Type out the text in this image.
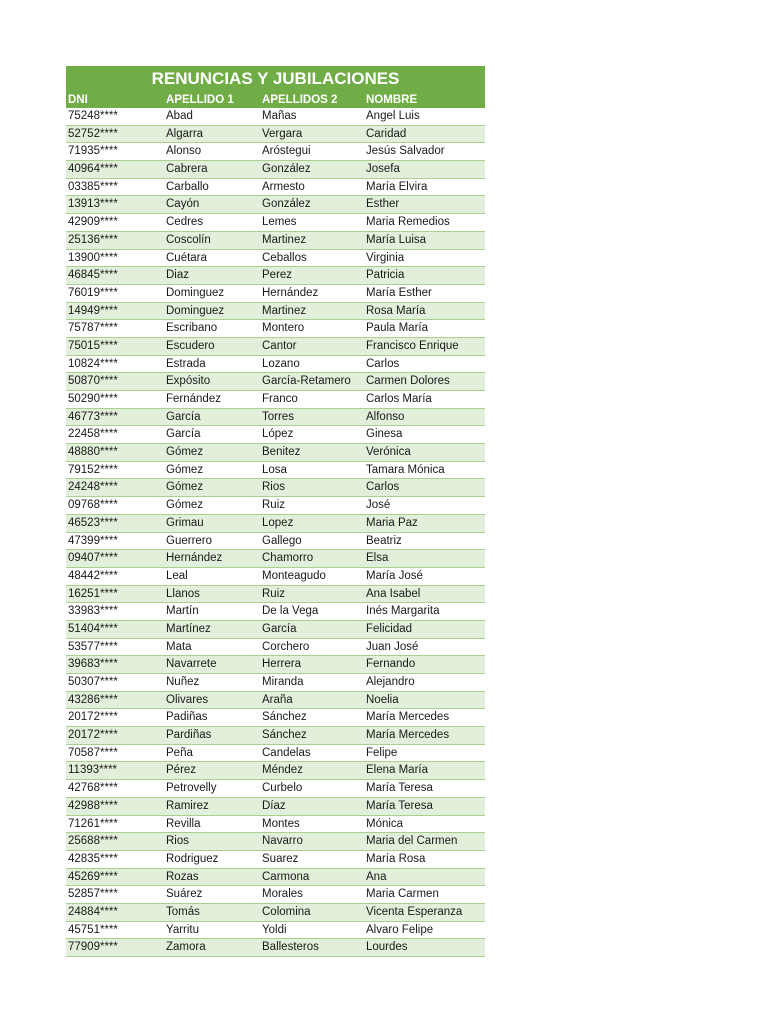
RENUNCIAS Y JUBILACIONES
DNI	APELLIDO 1	APELLIDOS 2	NOMBRE
75248****	Abad	Mañas	Angel Luis
52752****	Algarra	Vergara	Caridad
71935****	Alonso	Aróstegui	Jesús Salvador
40964****	Cabrera	González	Josefa
03385****	Carballo	Armesto	María Elvira
13913****	Cayón	González	Esther
42909****	Cedres	Lemes	Maria Remedios
25136****	Coscolín	Martinez	María Luisa
13900****	Cuétara	Ceballos	Virginia
46845****	Diaz	Perez	Patricia
76019****	Dominguez	Hernández	María Esther
14949****	Dominguez	Martinez	Rosa María
75787****	Escribano	Montero	Paula María
75015****	Escudero	Cantor	Francisco Enrique
10824****	Estrada	Lozano	Carlos
50870****	Expósito	García-Retamero	Carmen Dolores
50290****	Fernández	Franco	Carlos María
46773****	García	Torres	Alfonso
22458****	García	López	Ginesa
48880****	Gómez	Benitez	Verónica
79152****	Gómez	Losa	Tamara Mónica
24248****	Gómez	Rios	Carlos
09768****	Gómez	Ruiz	José
46523****	Grimau	Lopez	Maria Paz
47399****	Guerrero	Gallego	Beatriz
09407****	Hernández	Chamorro	Elsa
48442****	Leal	Monteagudo	María José
16251****	Llanos	Ruiz	Ana Isabel
33983****	Martín	De la Vega	Inés Margarita
51404****	Martínez	García	Felicidad
53577****	Mata	Corchero	Juan José
39683****	Navarrete	Herrera	Fernando
50307****	Nuñez	Miranda	Alejandro
43286****	Olivares	Araña	Noelia
20172****	Padiñas	Sánchez	María Mercedes
20172****	Pardiñas	Sánchez	María Mercedes
70587****	Peña	Candelas	Felipe
11393****	Pérez	Méndez	Elena María
42768****	Petrovelly	Curbelo	María Teresa
42988****	Ramirez	Díaz	María Teresa
71261****	Revilla	Montes	Mónica
25688****	Rios	Navarro	Maria del Carmen
42835****	Rodriguez	Suarez	María Rosa
45269****	Rozas	Carmona	Ana
52857****	Suárez	Morales	Maria Carmen
24884****	Tomás	Colomina	Vicenta Esperanza
45751****	Yarritu	Yoldi	Alvaro Felipe
77909****	Zamora	Ballesteros	Lourdes
